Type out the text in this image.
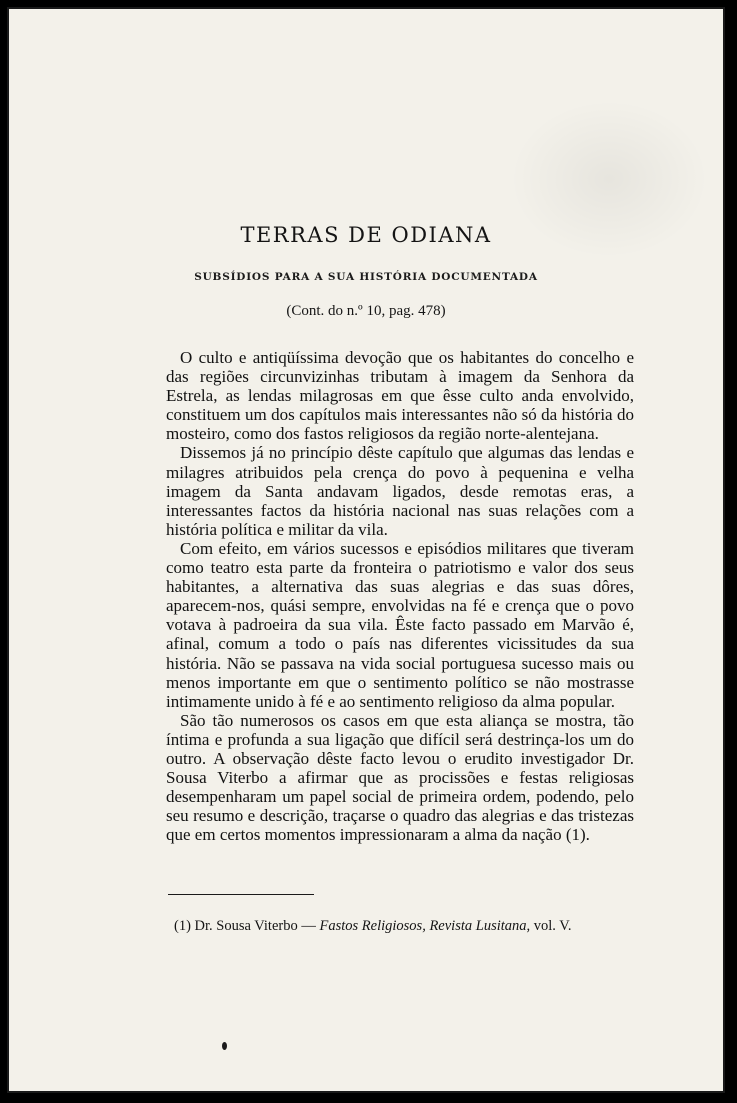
TERRAS DE ODIANA
SUBSÍDIOS PARA A SUA HISTÓRIA DOCUMENTADA
(Cont. do n.º 10, pag. 478)

O culto e antiqüíssima devoção que os habitantes do concelho e das regiões circunvizinhas tributam à imagem da Senhora da Estrela, as lendas milagrosas em que êsse culto anda envolvido, constituem um dos capítulos mais interessantes não só da história do mosteiro, como dos fastos religiosos da região norte-alentejana.

Dissemos já no princípio dêste capítulo que algumas das lendas e milagres atribuidos pela crença do povo à pequenina e velha imagem da Santa andavam ligados, desde remotas eras, a interessantes factos da história nacional nas suas relações com a história política e militar da vila.

Com efeito, em vários sucessos e episódios militares que tiveram como teatro esta parte da fronteira o patriotismo e valor dos seus habitantes, a alternativa das suas alegrias e das suas dôres, aparecem-nos, quási sempre, envolvidas na fé e crença que o povo votava à padroeira da sua vila. Êste facto passado em Marvão é, afinal, comum a todo o país nas diferentes vicissitudes da sua história. Não se passava na vida social portuguesa sucesso mais ou menos importante em que o sentimento político se não mostrasse intimamente unido à fé e ao sentimento religioso da alma popular.

São tão numerosos os casos em que esta aliança se mostra, tão íntima e profunda a sua ligação que difícil será destrinça-los um do outro. A observação dêste facto levou o erudito investigador Dr. Sousa Viterbo a afirmar que as procissões e festas religiosas desempenharam um papel social de primeira ordem, podendo, pelo seu resumo e descrição, traçarse o quadro das alegrias e das tristezas que em certos momentos impressionaram a alma da nação (1).

(1) Dr. Sousa Viterbo — Fastos Religiosos, Revista Lusitana, vol. V.
